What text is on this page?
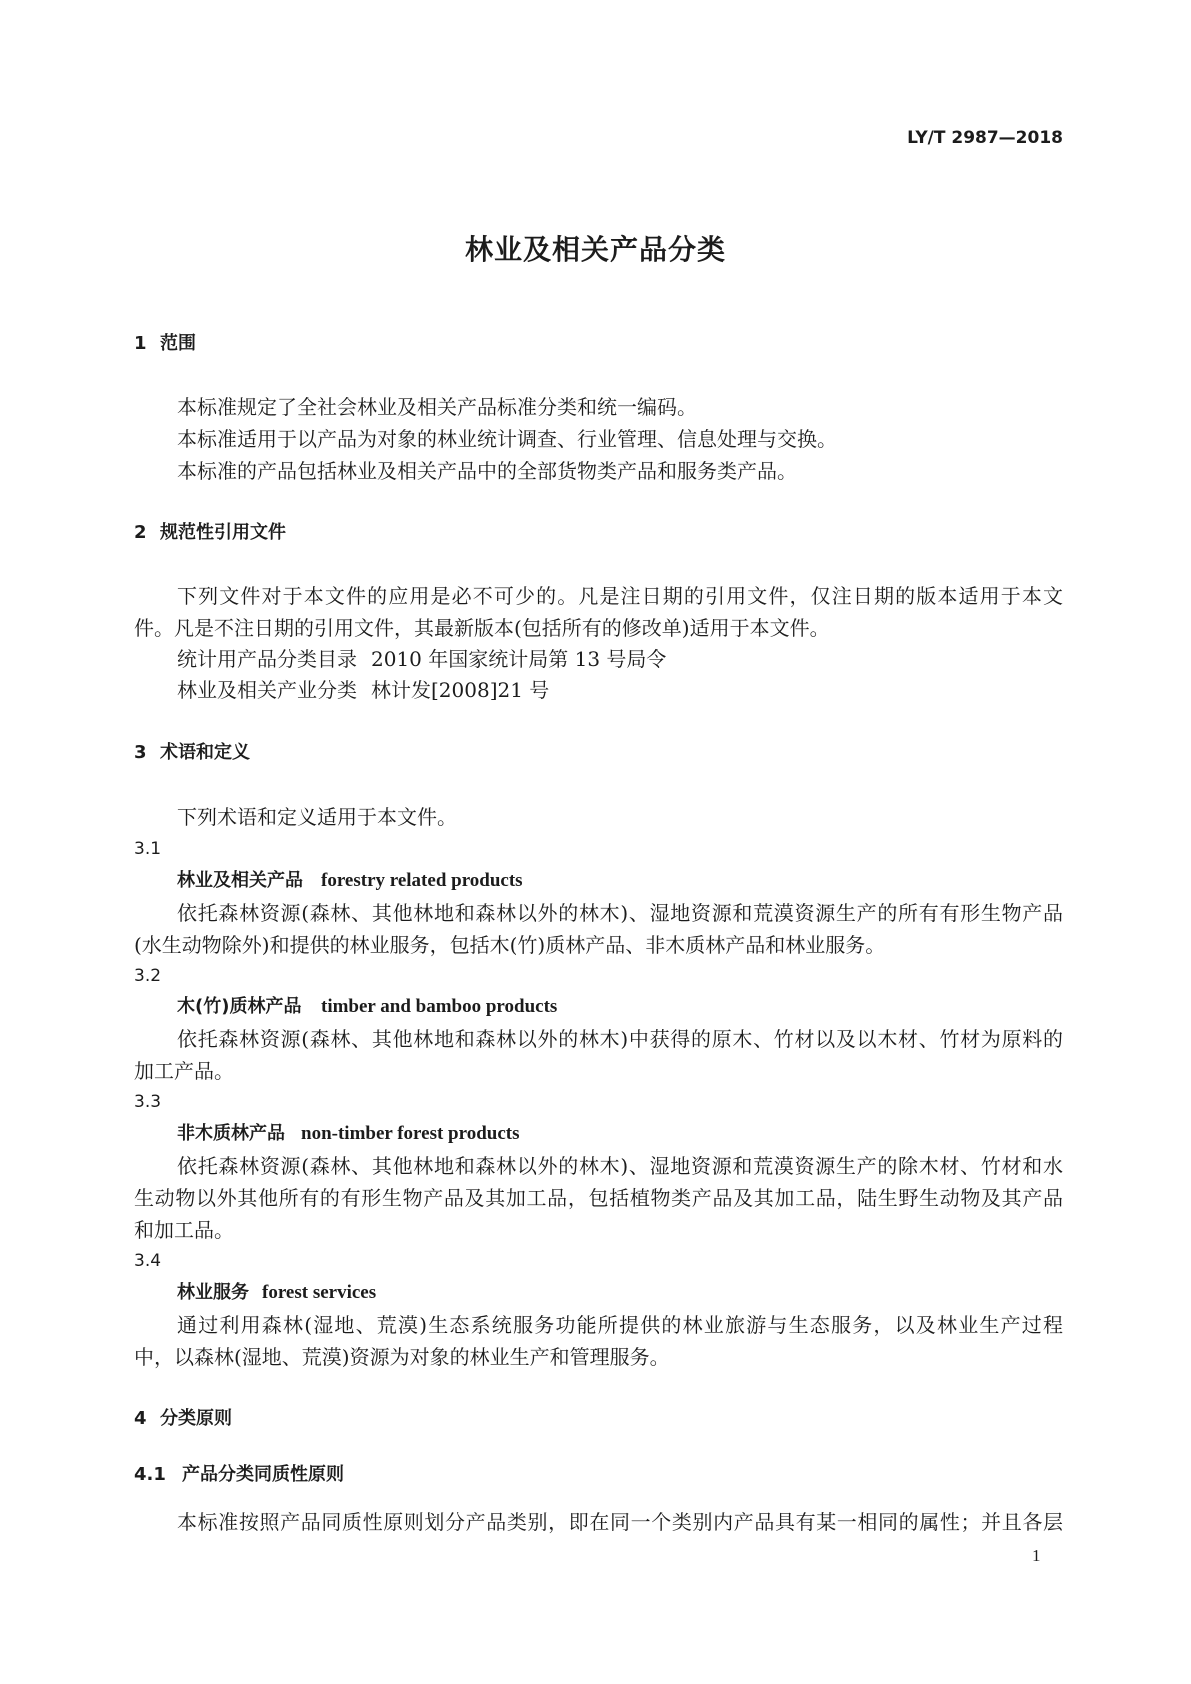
LY/T 2987—2018
林业及相关产品分类
1 范围
本标准规定了全社会林业及相关产品标准分类和统一编码。
本标准适用于以产品为对象的林业统计调查、行业管理、信息处理与交换。
本标准的产品包括林业及相关产品中的全部货物类产品和服务类产品。
2 规范性引用文件
下列文件对于本文件的应用是必不可少的。凡是注日期的引用文件，仅注日期的版本适用于本文
件。凡是不注日期的引用文件，其最新版本(包括所有的修改单)适用于本文件。
统计用产品分类目录 2010 年国家统计局第 13 号局令
林业及相关产业分类 林计发[2008]21 号
3 术语和定义
下列术语和定义适用于本文件。
3.1
林业及相关产品 forestry related products
依托森林资源(森林、其他林地和森林以外的林木)、湿地资源和荒漠资源生产的所有有形生物产品
(水生动物除外)和提供的林业服务，包括木(竹)质林产品、非木质林产品和林业服务。
3.2
木(竹)质林产品 timber and bamboo products
依托森林资源(森林、其他林地和森林以外的林木)中获得的原木、竹材以及以木材、竹材为原料的
加工产品。
3.3
非木质林产品 non-timber forest products
依托森林资源(森林、其他林地和森林以外的林木)、湿地资源和荒漠资源生产的除木材、竹材和水
生动物以外其他所有的有形生物产品及其加工品，包括植物类产品及其加工品，陆生野生动物及其产品
和加工品。
3.4
林业服务 forest services
通过利用森林(湿地、荒漠)生态系统服务功能所提供的林业旅游与生态服务，以及林业生产过程
中，以森林(湿地、荒漠)资源为对象的林业生产和管理服务。
4 分类原则
4.1 产品分类同质性原则
本标准按照产品同质性原则划分产品类别，即在同一个类别内产品具有某一相同的属性；并且各层
1
